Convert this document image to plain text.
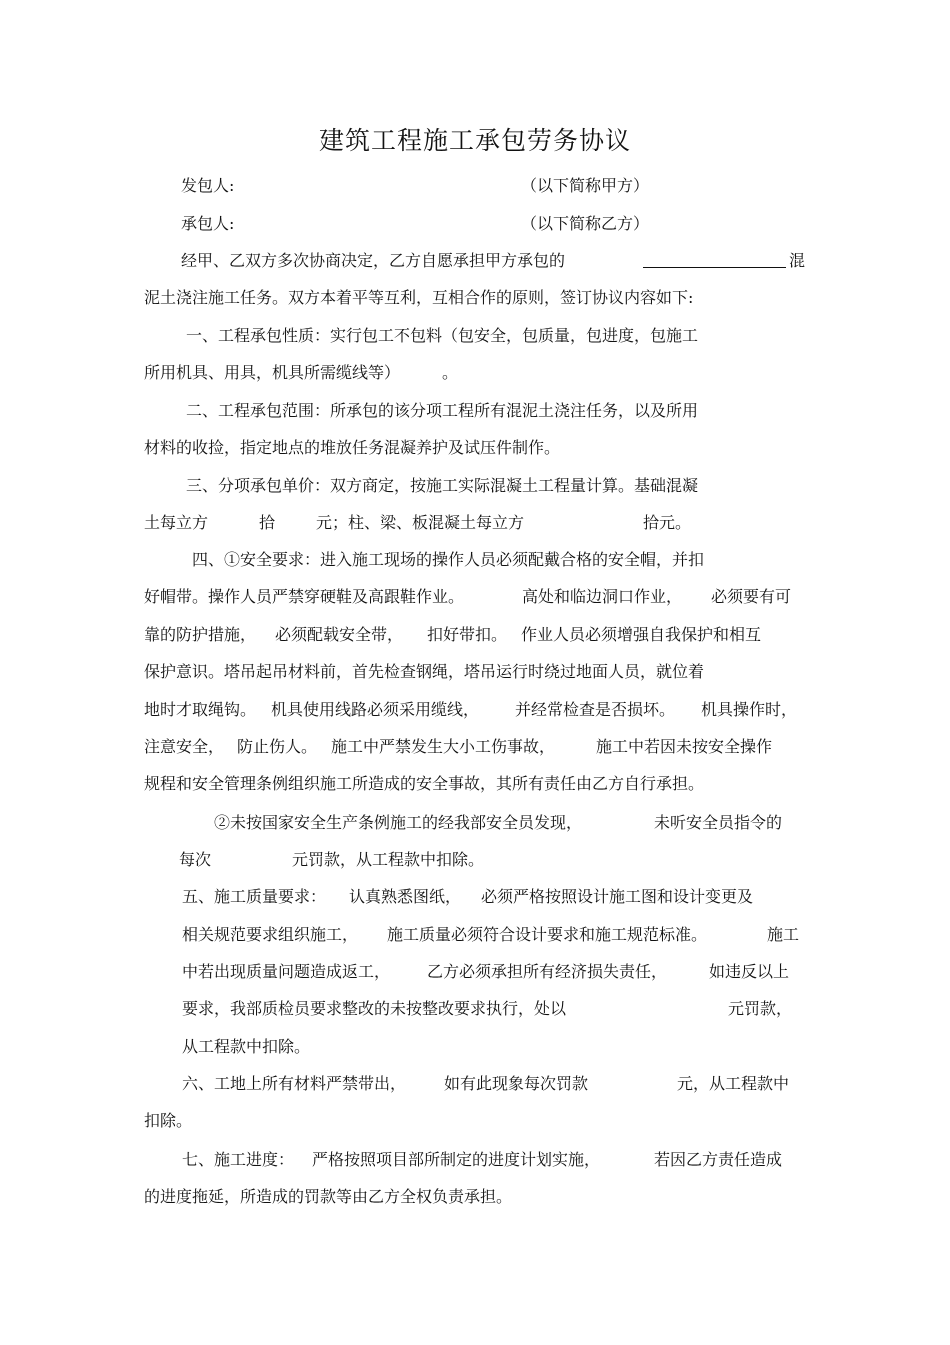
建筑工程施工承包劳务协议
发包人:	（以下简称甲方）
承包人:	（以下简称乙方）
经甲、乙双方多次协商决定，乙方自愿承担甲方承包的	混
泥土浇注施工任务。双方本着平等互利，互相合作的原则，签订协议内容如下:
一、工程承包性质：实行包工不包料（包安全，包质量，包进度，包施工
所用机具、用具，机具所需缆线等）	。
二、工程承包范围：所承包的该分项工程所有混泥土浇注任务，以及所用
材料的收捡，指定地点的堆放任务混凝养护及试压件制作。
三、分项承包单价：双方商定，按施工实际混凝土工程量计算。基础混凝
土每立方	拾	元；柱、梁、板混凝土每立方	拾元。
四、①安全要求：进入施工现场的操作人员必须配戴合格的安全帽，并扣
好帽带。操作人员严禁穿硬鞋及高跟鞋作业。	高处和临边洞口作业， 必须要有可
靠的防护措施， 必须配载安全带， 扣好带扣。 作业人员必须增强自我保护和相互
保护意识。塔吊起吊材料前，首先检查钢绳，塔吊运行时绕过地面人员，就位着
地时才取绳钩。 机具使用线路必须采用缆线， 并经常检查是否损坏。 机具操作时，
注意安全， 防止伤人。 施工中严禁发生大小工伤事故，	施工中若因未按安全操作
规程和安全管理条例组织施工所造成的安全事故，其所有责任由乙方自行承担。
②未按国家安全生产条例施工的经我部安全员发现，	未听安全员指令的
每次	元罚款，从工程款中扣除。
五、施工质量要求： 认真熟悉图纸， 必须严格按照设计施工图和设计变更及
相关规范要求组织施工， 施工质量必须符合设计要求和施工规范标准。	施工
中若出现质量问题造成返工， 乙方必须承担所有经济损失责任，	如违反以上
要求，我部质检员要求整改的未按整改要求执行，处以	元罚款，
从工程款中扣除。
六、工地上所有材料严禁带出， 如有此现象每次罚款	元，从工程款中
扣除。
七、施工进度： 严格按照项目部所制定的进度计划实施，	若因乙方责任造成
的进度拖延，所造成的罚款等由乙方全权负责承担。
